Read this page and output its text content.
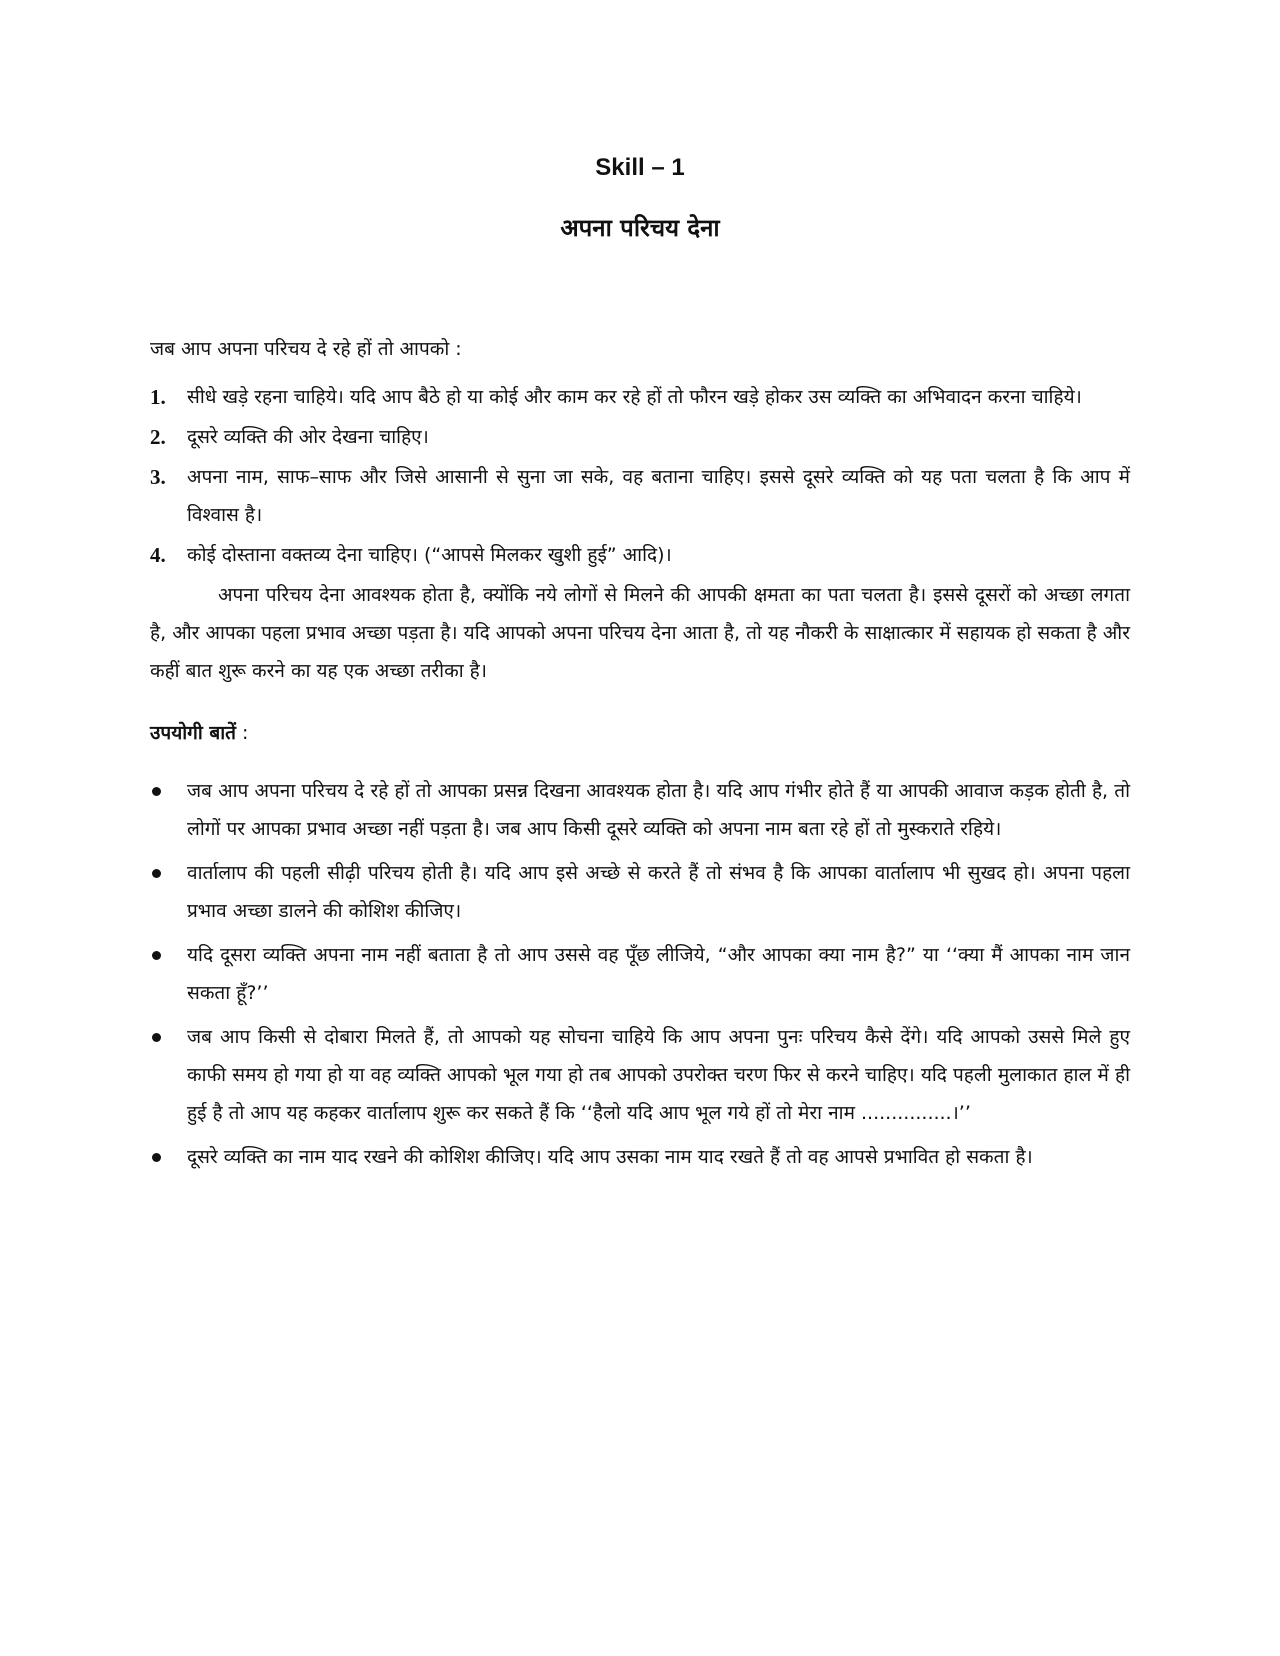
Skill – 1
अपना परिचय देना

जब आप अपना परिचय दे रहे हों तो आपको :

1.	सीधे खड़े रहना चाहिये। यदि आप बैठे हो या कोई और काम कर रहे हों तो फौरन खड़े होकर उस व्यक्ति का अभिवादन करना चाहिये।
2.	दूसरे व्यक्ति की ओर देखना चाहिए।
3.	अपना नाम, साफ–साफ और जिसे आसानी से सुना जा सके, वह बताना चाहिए। इससे दूसरे व्यक्ति को यह पता चलता है कि आप में विश्वास है।
4.	कोई दोस्ताना वक्तव्य देना चाहिए। (“आपसे मिलकर खुशी हुई” आदि)।

अपना परिचय देना आवश्यक होता है, क्योंकि नये लोगों से मिलने की आपकी क्षमता का पता चलता है। इससे दूसरों को अच्छा लगता है, और आपका पहला प्रभाव अच्छा पड़ता है। यदि आपको अपना परिचय देना आता है, तो यह नौकरी के साक्षात्कार में सहायक हो सकता है और कहीं बात शुरू करने का यह एक अच्छा तरीका है।

उपयोगी बातें :
जब आप अपना परिचय दे रहे हों तो आपका प्रसन्न दिखना आवश्यक होता है। यदि आप गंभीर होते हैं या आपकी आवाज कड़क होती है, तो लोगों पर आपका प्रभाव अच्छा नहीं पड़ता है। जब आप किसी दूसरे व्यक्ति को अपना नाम बता रहे हों तो मुस्कराते रहिये।
वार्तालाप की पहली सीढ़ी परिचय होती है। यदि आप इसे अच्छे से करते हैं तो संभव है कि आपका वार्तालाप भी सुखद हो। अपना पहला प्रभाव अच्छा डालने की कोशिश कीजिए।
यदि दूसरा व्यक्ति अपना नाम नहीं बताता है तो आप उससे वह पूँछ लीजिये, “और आपका क्या नाम है?” या ‘‘क्या मैं आपका नाम जान सकता हूँ?’’
जब आप किसी से दोबारा मिलते हैं, तो आपको यह सोचना चाहिये कि आप अपना पुनः परिचय कैसे देंगे। यदि आपको उससे मिले हुए काफी समय हो गया हो या वह व्यक्ति आपको भूल गया हो तब आपको उपरोक्त चरण फिर से करने चाहिए। यदि पहली मुलाकात हाल में ही हुई है तो आप यह कहकर वार्तालाप शुरू कर सकते हैं कि ‘‘हैलो यदि आप भूल गये हों तो मेरा नाम ...............।’’
दूसरे व्यक्ति का नाम याद रखने की कोशिश कीजिए। यदि आप उसका नाम याद रखते हैं तो वह आपसे प्रभावित हो सकता है।
